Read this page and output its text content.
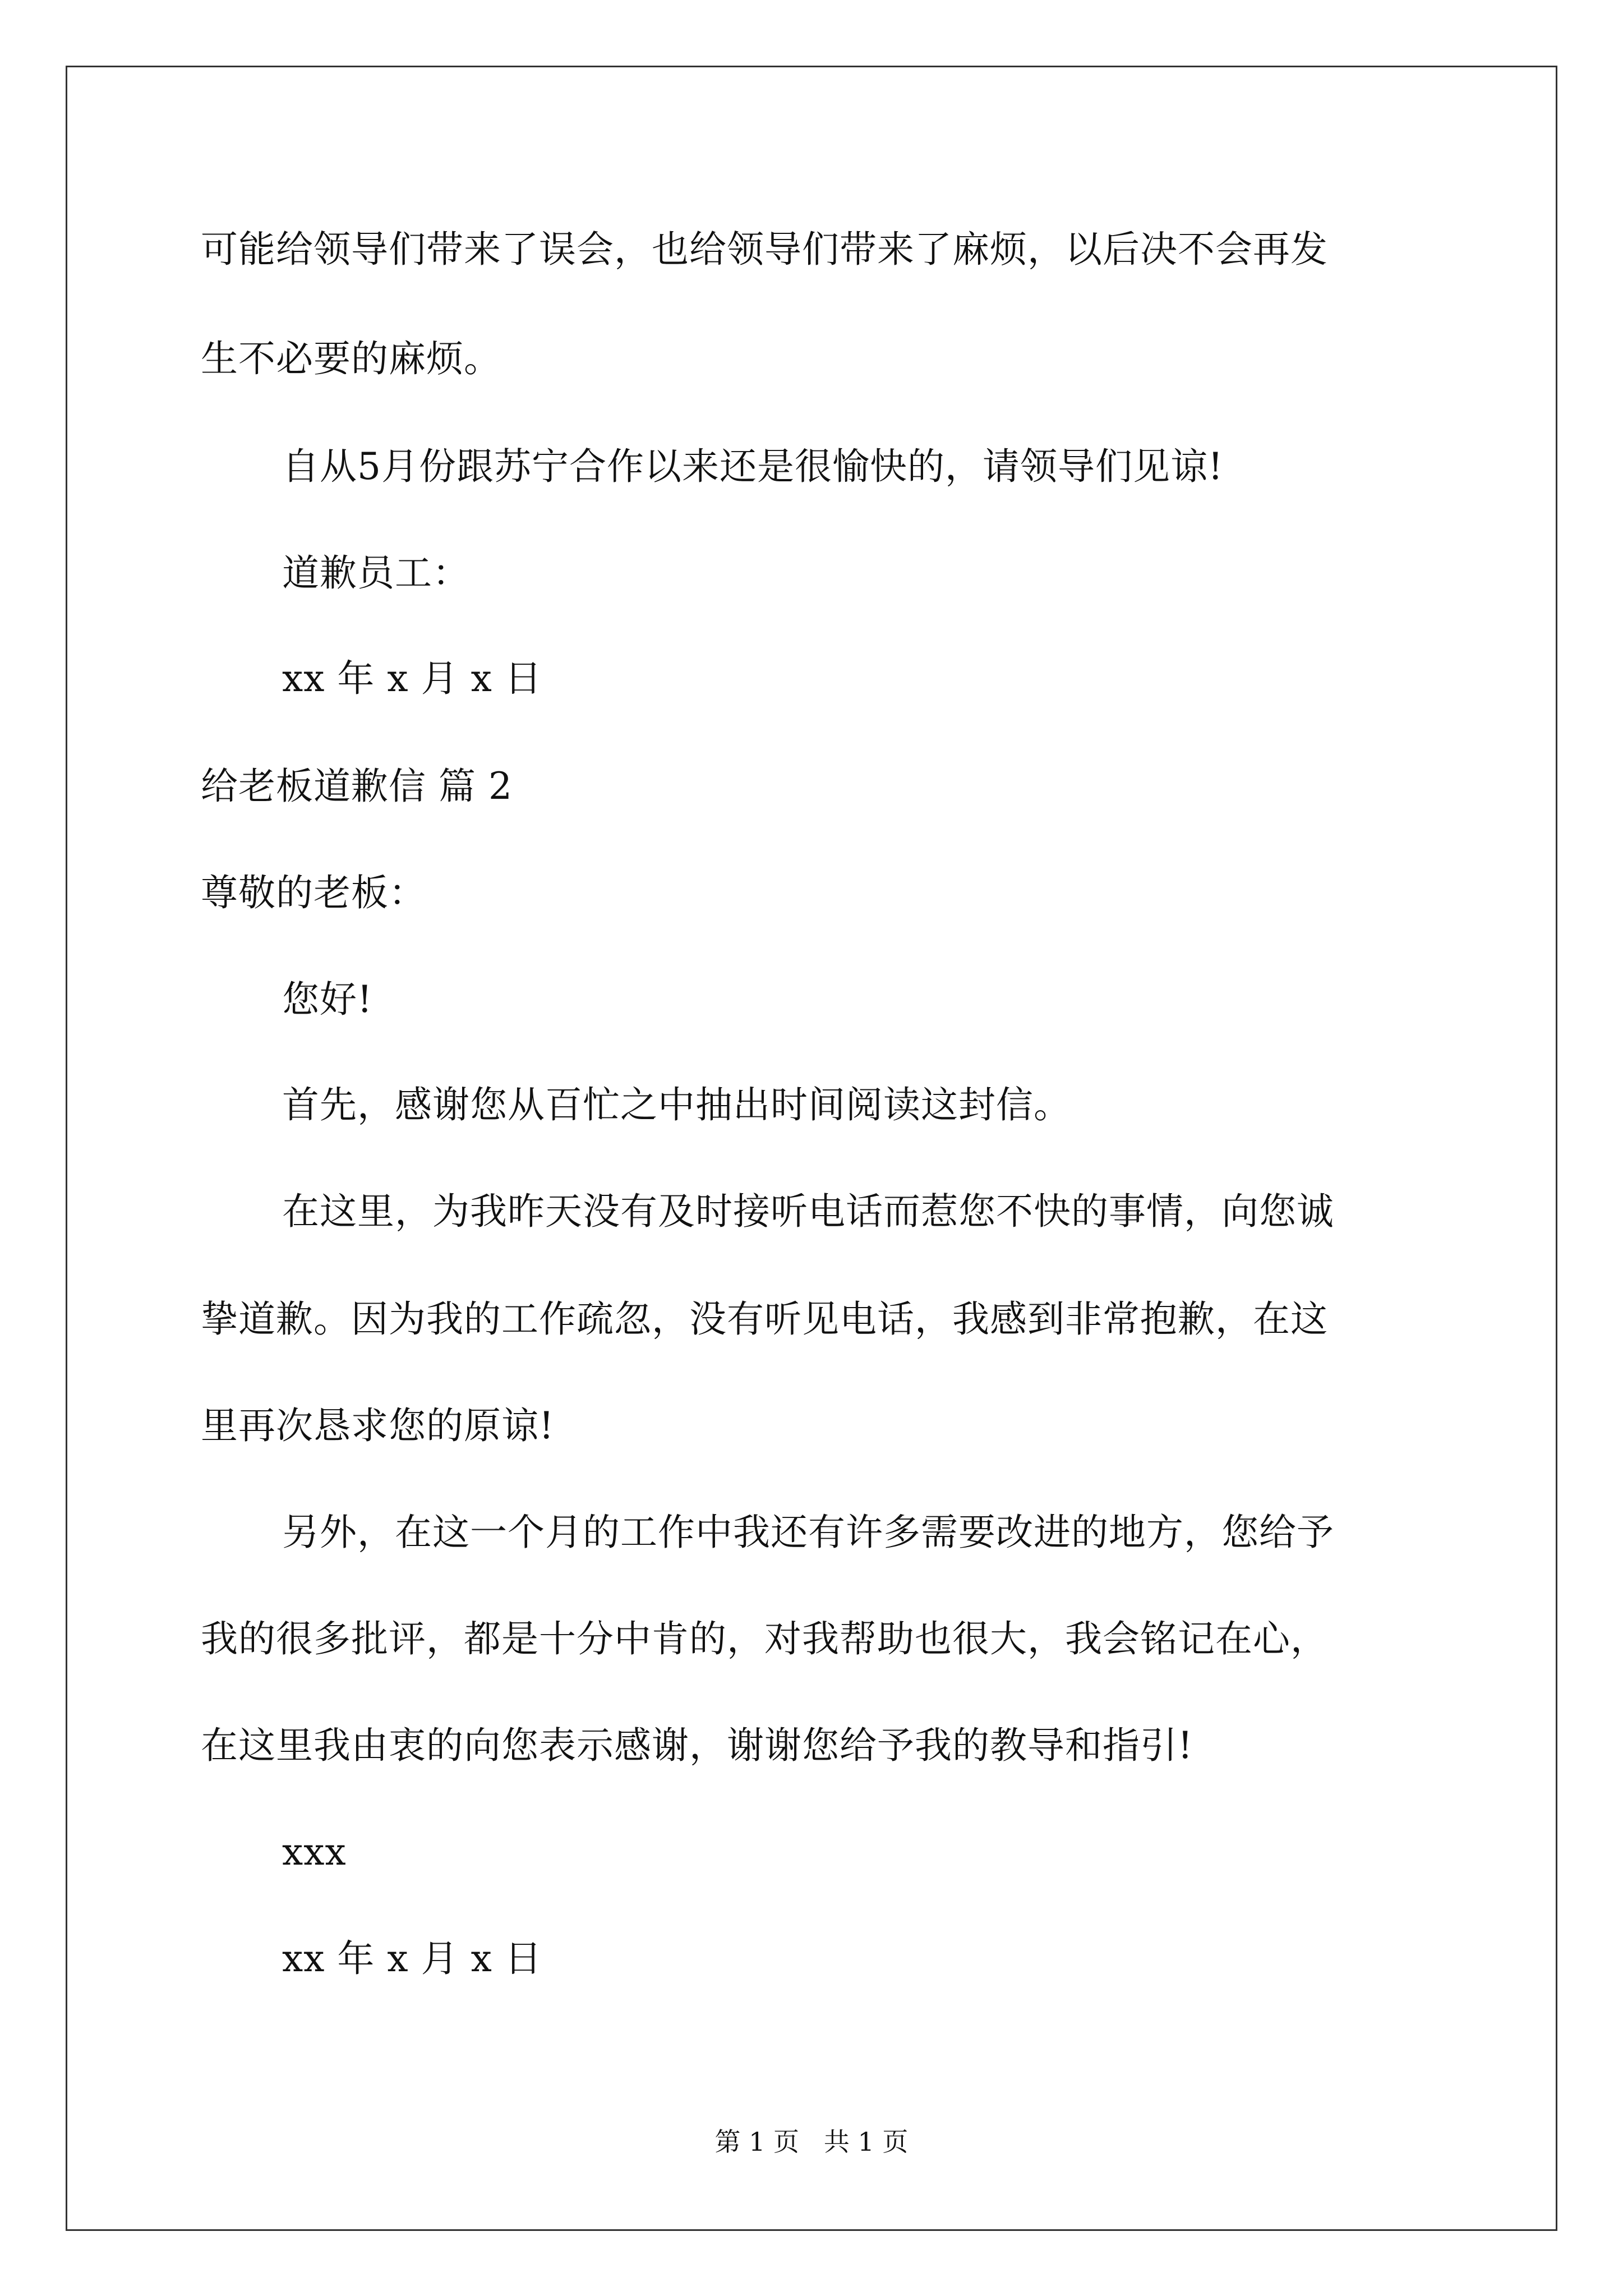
可能给领导们带来了误会，也给领导们带来了麻烦，以后决不会再发
生不必要的麻烦。
自从5月份跟苏宁合作以来还是很愉快的，请领导们见谅!
道歉员工：
xx 年 x 月 x 日
给老板道歉信 篇 2
尊敬的老板：
您好!
首先，感谢您从百忙之中抽出时间阅读这封信。
在这里，为我昨天没有及时接听电话而惹您不快的事情，向您诚
挚道歉。因为我的工作疏忽，没有听见电话，我感到非常抱歉，在这
里再次恳求您的原谅!
另外，在这一个月的工作中我还有许多需要改进的地方，您给予
我的很多批评，都是十分中肯的，对我帮助也很大，我会铭记在心，
在这里我由衷的向您表示感谢，谢谢您给予我的教导和指引!
xxx
xx 年 x 月 x 日
第 1 页   共 1 页
